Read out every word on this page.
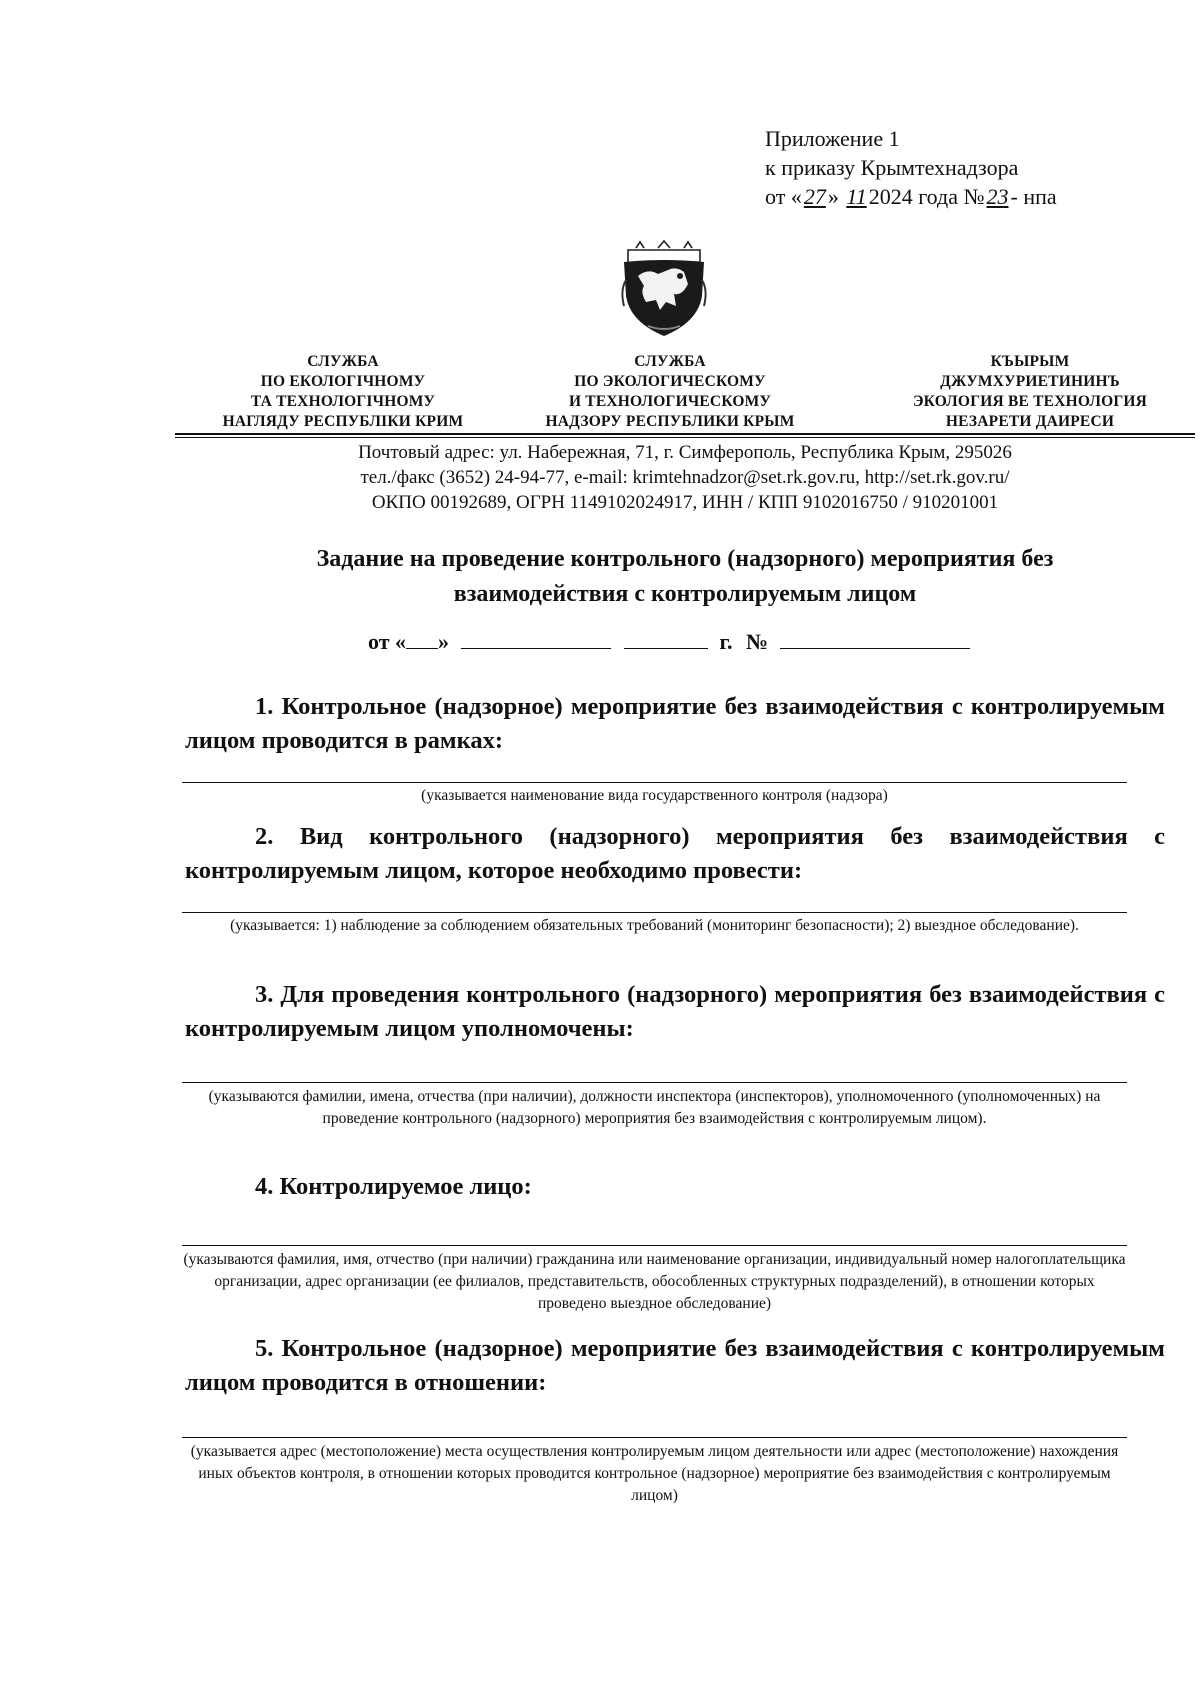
Приложение 1
к приказу Крымтехнадзора
от «27» 112024 года №23- нпа
СЛУЖБА
ПО ЕКОЛОГІЧНОМУ
ТА ТЕХНОЛОГІЧНОМУ
НАГЛЯДУ РЕСПУБЛІКИ КРИМ
СЛУЖБА
ПО ЭКОЛОГИЧЕСКОМУ
И ТЕХНОЛОГИЧЕСКОМУ
НАДЗОРУ РЕСПУБЛИКИ КРЫМ
КЪЫРЫМ
ДЖУМХУРИЕТИНИНЪ
ЭКОЛОГИЯ ВЕ ТЕХНОЛОГИЯ
НЕЗАРЕТИ ДАИРЕСИ
Почтовый адрес: ул. Набережная, 71, г. Симферополь, Республика Крым, 295026
тел./факс (3652) 24-94-77, e-mail: krimtehnadzor@set.rk.gov.ru, http://set.rk.gov.ru/
ОКПО 00192689, ОГРН 1149102024917, ИНН / КПП 9102016750 / 910201001
Задание на проведение контрольного (надзорного) мероприятия без
взаимодействия с контролируемым лицом
от « »	г. №
1. Контрольное (надзорное) мероприятие без взаимодействия с контролируемым лицом проводится в рамках:
(указывается наименование вида государственного контроля (надзора)
2. Вид контрольного (надзорного) мероприятия без взаимодействия с контролируемым лицом, которое необходимо провести:
(указывается: 1) наблюдение за соблюдением обязательных требований (мониторинг безопасности); 2) выездное обследование).
3. Для проведения контрольного (надзорного) мероприятия без взаимодействия с контролируемым лицом уполномочены:
(указываются фамилии, имена, отчества (при наличии), должности инспектора (инспекторов), уполномоченного (уполномоченных) на проведение контрольного (надзорного) мероприятия без взаимодействия с контролируемым лицом).
4. Контролируемое лицо:
(указываются фамилия, имя, отчество (при наличии) гражданина или наименование организации, индивидуальный номер налогоплательщика организации, адрес организации (ее филиалов, представительств, обособленных структурных подразделений), в отношении которых проведено выездное обследование)
5. Контрольное (надзорное) мероприятие без взаимодействия с контролируемым лицом проводится в отношении:
(указывается адрес (местоположение) места осуществления контролируемым лицом деятельности или адрес (местоположение) нахождения иных объектов контроля, в отношении которых проводится контрольное (надзорное) мероприятие без взаимодействия с контролируемым лицом)
